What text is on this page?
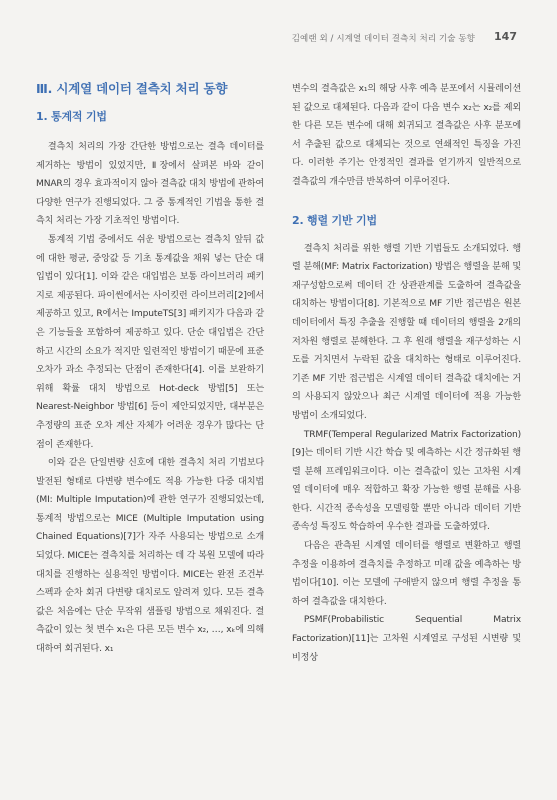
김예랜 외 / 시계열 데이터 결측치 처리 기술 동향 147
Ⅲ. 시계열 데이터 결측치 처리 동향
1. 통계적 기법

결측치 처리의 가장 간단한 방법으로는 결측 데이터를 제거하는 방법이 있었지만, Ⅱ장에서 살펴본 바와 같이 MNAR의 경우 효과적이지 않아 결측값 대치 방법에 관하여 다양한 연구가 진행되었다. 그 중 통계적인 기법을 통한 결측치 처리는 가장 기초적인 방법이다.

통계적 기법 중에서도 쉬운 방법으로는 결측치 앞뒤 값에 대한 평균, 중앙값 등 기초 통계값을 채워 넣는 단순 대입법이 있다[1]. 이와 같은 대입법은 보통 라이브러리 패키지로 제공된다. 파이썬에서는 사이킷런 라이브러리[2]에서 제공하고 있고, R에서는 ImputeTS[3] 패키지가 다음과 같은 기능들을 포함하여 제공하고 있다. 단순 대입법은 간단하고 시간의 소요가 적지만 일련적인 방법이기 때문에 표준 오차가 과소 추정되는 단점이 존재한다[4]. 이를 보완하기 위해 확률 대치 방법으로 Hot-deck 방법[5] 또는 Nearest-Neighbor 방법[6] 등이 제안되었지만, 대부분은 추정량의 표준 오차 계산 자체가 어려운 경우가 많다는 단점이 존재한다.

이와 같은 단일변량 신호에 대한 결측치 처리 기법보다 발전된 형태로 다변량 변수에도 적용 가능한 다중 대치법(MI: Multiple Imputation)에 관한 연구가 진행되었는데, 통계적 방법으로는 MICE (Multiple Imputation using Chained Equations)[7]가 자주 사용되는 방법으로 소개되었다. MICE는 결측치를 처리하는 데 각 복원 모델에 따라 대치를 진행하는 실용적인 방법이다. MICE는 완전 조건부 스펙과 순차 회귀 다변량 대치로도 알려져 있다. 모든 결측값은 처음에는 단순 무작위 샘플링 방법으로 채워진다. 결측값이 있는 첫 변수 x₁은 다른 모든 변수 x₂, …, xₖ에 의해 대하여 회귀된다. x₁

변수의 결측값은 x₁의 해당 사후 예측 분포에서 시뮬레이션된 값으로 대체된다. 다음과 같이 다음 변수 x₂는 x₂를 제외한 다른 모든 변수에 대해 회귀되고 결측값은 사후 분포에서 추출된 값으로 대체되는 것으로 연쇄적인 특징을 가진다. 이러한 주기는 안정적인 결과를 얻기까지 일반적으로 결측값의 개수만큼 반복하여 이루어진다.

2. 행렬 기반 기법

결측치 처리를 위한 행렬 기반 기법들도 소개되었다. 행렬 분해(MF: Matrix Factorization) 방법은 행렬을 분해 및 재구성함으로써 데이터 간 상관관계를 도출하여 결측값을 대치하는 방법이다[8]. 기본적으로 MF 기반 접근법은 원본 데이터에서 특징 추출을 진행할 때 데이터의 행렬을 2개의 저차원 행렬로 분해한다. 그 후 원래 행렬을 재구성하는 시도를 거치면서 누락된 값을 대치하는 형태로 이루어진다. 기존 MF 기반 접근법은 시계열 데이터 결측값 대치에는 거의 사용되지 않았으나 최근 시계열 데이터에 적용 가능한 방법이 소개되었다.

TRMF(Temperal Regularized Matrix Factorization)[9]는 데이터 기반 시간 학습 및 예측하는 시간 정규화된 행렬 분해 프레임워크이다. 이는 결측값이 있는 고차원 시계열 데이터에 매우 적합하고 확장 가능한 행렬 분해를 사용한다. 시간적 종속성을 모델링할 뿐만 아니라 데이터 기반 종속성 특징도 학습하여 우수한 결과를 도출하였다.

다음은 관측된 시계열 데이터를 행렬로 변환하고 행렬 추정을 이용하여 결측치를 추정하고 미래 값을 예측하는 방법이다[10]. 이는 모델에 구애받지 않으며 행렬 추정을 통하여 결측값을 대치한다.

PSMF(Probabilistic Sequential Matrix Factorization)[11]는 고차원 시계열로 구성된 시변량 및 비정상
